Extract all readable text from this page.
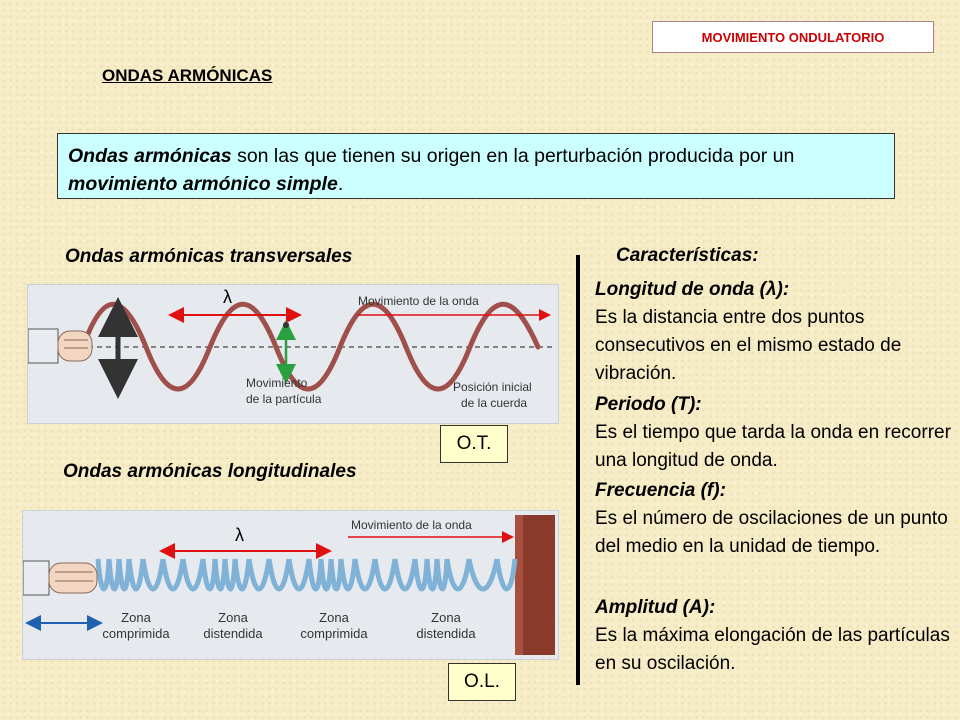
MOVIMIENTO ONDULATORIO
ONDAS ARMÓNICAS
Ondas armónicas son las que tienen su origen en la perturbación producida por un movimiento armónico simple.
Ondas armónicas transversales
λ	Movimiento de la onda
Movimiento
de la partícula
Posición inicial
de la cuerda
O.T.
Ondas armónicas longitudinales
λ	Movimiento de la onda
Zona
comprimida
Zona
distendida
Zona
comprimida
Zona
distendida
O.L.
Características:
Longitud de onda (λ):
Es la distancia entre dos puntos consecutivos en el mismo estado de vibración.
Periodo (T):
Es el tiempo que tarda la onda en recorrer una longitud de onda.
Frecuencia (f):
Es el número de oscilaciones de un punto del medio en la unidad de tiempo.
Amplitud (A):
Es la máxima elongación de las partículas en su oscilación.
